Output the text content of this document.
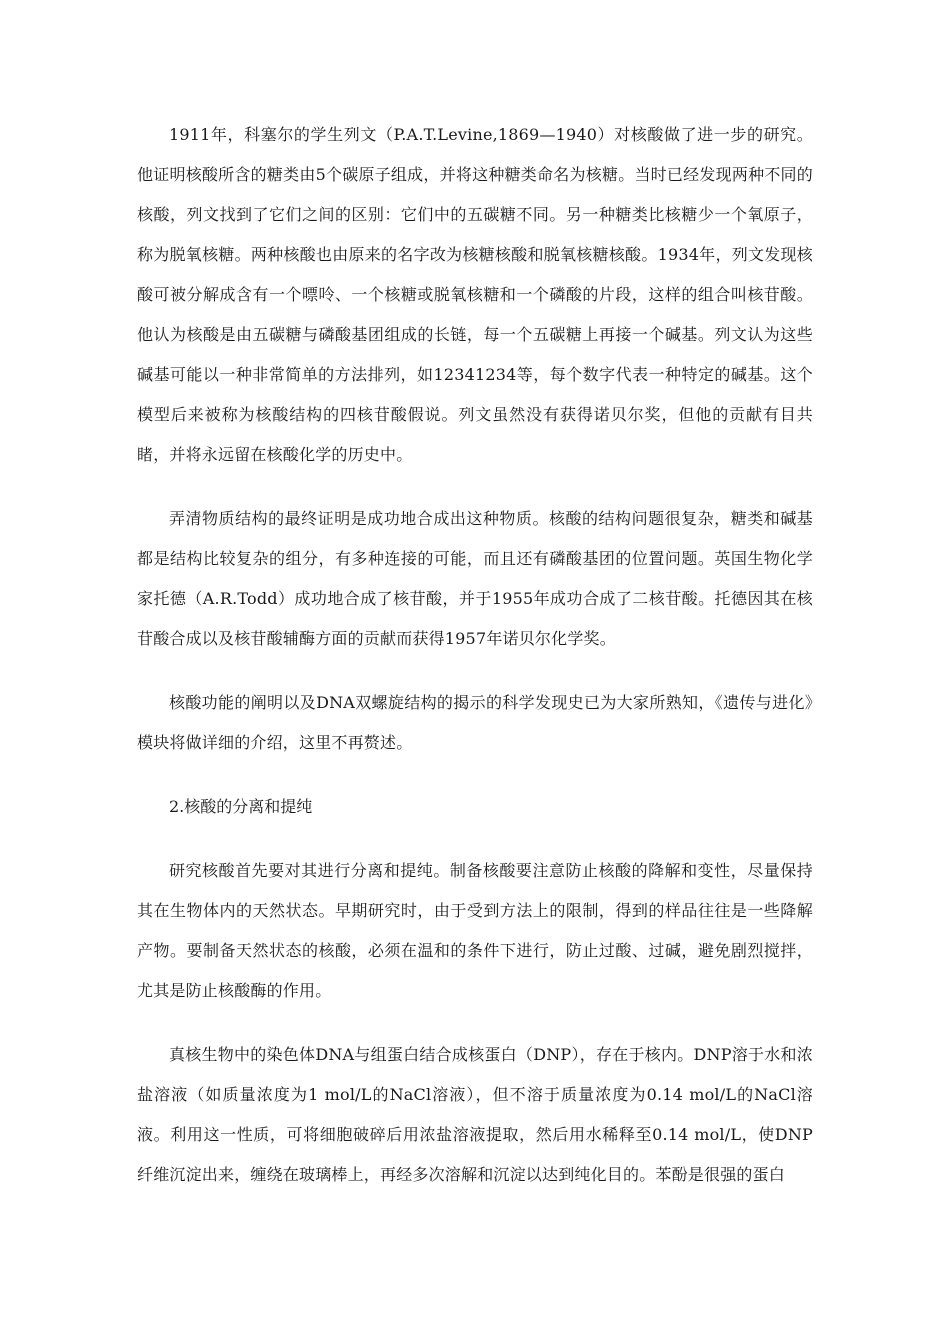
1911年，科塞尔的学生列文（P.A.T.Levine,1869—1940）对核酸做了进一步的研究。他证明核酸所含的糖类由5个碳原子组成，并将这种糖类命名为核糖。当时已经发现两种不同的核酸，列文找到了它们之间的区别：它们中的五碳糖不同。另一种糖类比核糖少一个氧原子，称为脱氧核糖。两种核酸也由原来的名字改为核糖核酸和脱氧核糖核酸。1934年，列文发现核酸可被分解成含有一个嘌呤、一个核糖或脱氧核糖和一个磷酸的片段，这样的组合叫核苷酸。他认为核酸是由五碳糖与磷酸基团组成的长链，每一个五碳糖上再接一个碱基。列文认为这些碱基可能以一种非常简单的方法排列，如12341234等，每个数字代表一种特定的碱基。这个模型后来被称为核酸结构的四核苷酸假说。列文虽然没有获得诺贝尔奖，但他的贡献有目共睹，并将永远留在核酸化学的历史中。

弄清物质结构的最终证明是成功地合成出这种物质。核酸的结构问题很复杂，糖类和碱基都是结构比较复杂的组分，有多种连接的可能，而且还有磷酸基团的位置问题。英国生物化学家托德（A.R.Todd）成功地合成了核苷酸，并于1955年成功合成了二核苷酸。托德因其在核苷酸合成以及核苷酸辅酶方面的贡献而获得1957年诺贝尔化学奖。

核酸功能的阐明以及DNA双螺旋结构的揭示的科学发现史已为大家所熟知，《遗传与进化》模块将做详细的介绍，这里不再赘述。

2.核酸的分离和提纯

研究核酸首先要对其进行分离和提纯。制备核酸要注意防止核酸的降解和变性，尽量保持其在生物体内的天然状态。早期研究时，由于受到方法上的限制，得到的样品往往是一些降解产物。要制备天然状态的核酸，必须在温和的条件下进行，防止过酸、过碱，避免剧烈搅拌，尤其是防止核酸酶的作用。

真核生物中的染色体DNA与组蛋白结合成核蛋白（DNP），存在于核内。DNP溶于水和浓盐溶液（如质量浓度为1 mol/L的NaCl溶液），但不溶于质量浓度为0.14 mol/L的NaCl溶液。利用这一性质，可将细胞破碎后用浓盐溶液提取，然后用水稀释至0.14 mol/L，使DNP纤维沉淀出来，缠绕在玻璃棒上，再经多次溶解和沉淀以达到纯化目的。苯酚是很强的蛋白
